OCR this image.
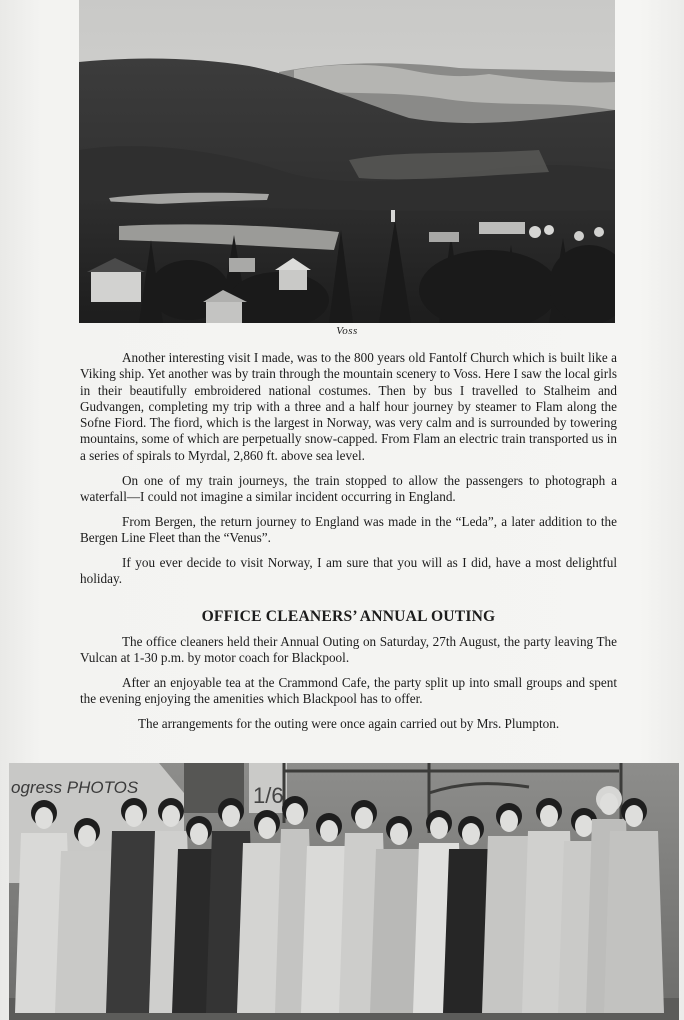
Voss

Another interesting visit I made, was to the 800 years old Fantolf Church which is built like a Viking ship. Yet another was by train through the mountain scenery to Voss. Here I saw the local girls in their beautifully embroidered national costumes. Then by bus I travelled to Stalheim and Gudvangen, completing my trip with a three and a half hour journey by steamer to Flam along the Sofne Fiord. The fiord, which is the largest in Norway, was very calm and is surrounded by towering mountains, some of which are perpetually snow-capped. From Flam an electric train transported us in a series of spirals to Myrdal, 2,860 ft. above sea level.

On one of my train journeys, the train stopped to allow the passengers to photograph a waterfall—I could not imagine a similar incident occurring in England.

From Bergen, the return journey to England was made in the “Leda”, a later addition to the Bergen Line Fleet than the “Venus”.

If you ever decide to visit Norway, I am sure that you will as I did, have a most delightful holiday.

OFFICE CLEANERS’ ANNUAL OUTING

The office cleaners held their Annual Outing on Saturday, 27th August, the party leaving The Vulcan at 1-30 p.m. by motor coach for Blackpool.

After an enjoyable tea at the Crammond Cafe, the party split up into small groups and spent the evening enjoying the amenities which Blackpool has to offer.

The arrangements for the outing were once again carried out by Mrs. Plumpton.

ogress PHOTOS	1/6
